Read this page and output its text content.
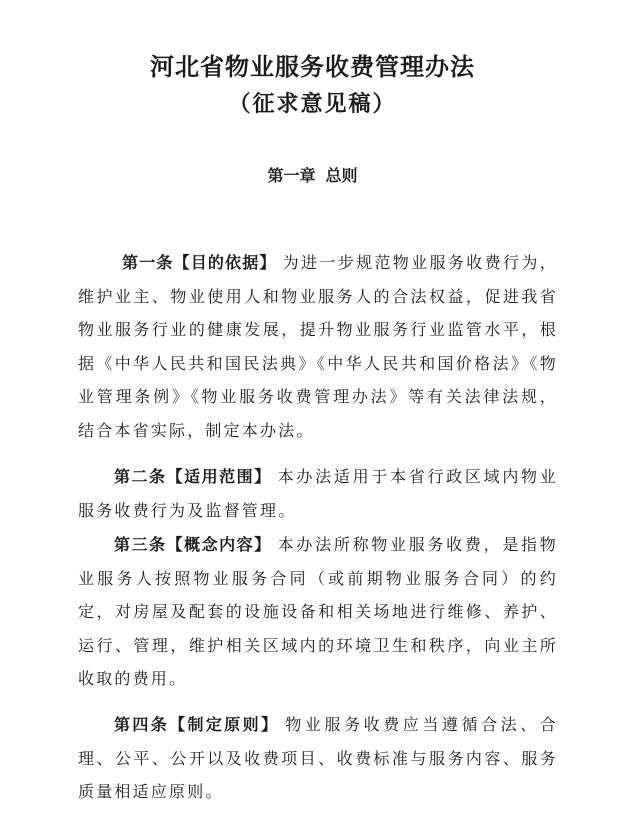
河北省物业服务收费管理办法
（征求意见稿）
第一章 总则

第一条【目的依据】 为进一步规范物业服务收费行为，维护业主、物业使用人和物业服务人的合法权益，促进我省物业服务行业的健康发展，提升物业服务行业监管水平，根据《中华人民共和国民法典》《中华人民共和国价格法》《物业管理条例》《物业服务收费管理办法》等有关法律法规，结合本省实际，制定本办法。

第二条【适用范围】 本办法适用于本省行政区域内物业服务收费行为及监督管理。

第三条【概念内容】 本办法所称物业服务收费，是指物业服务人按照物业服务合同（或前期物业服务合同）的约定，对房屋及配套的设施设备和相关场地进行维修、养护、运行、管理，维护相关区域内的环境卫生和秩序，向业主所收取的费用。

第四条【制定原则】 物业服务收费应当遵循合法、合理、公平、公开以及收费项目、收费标准与服务内容、服务质量相适应原则。
